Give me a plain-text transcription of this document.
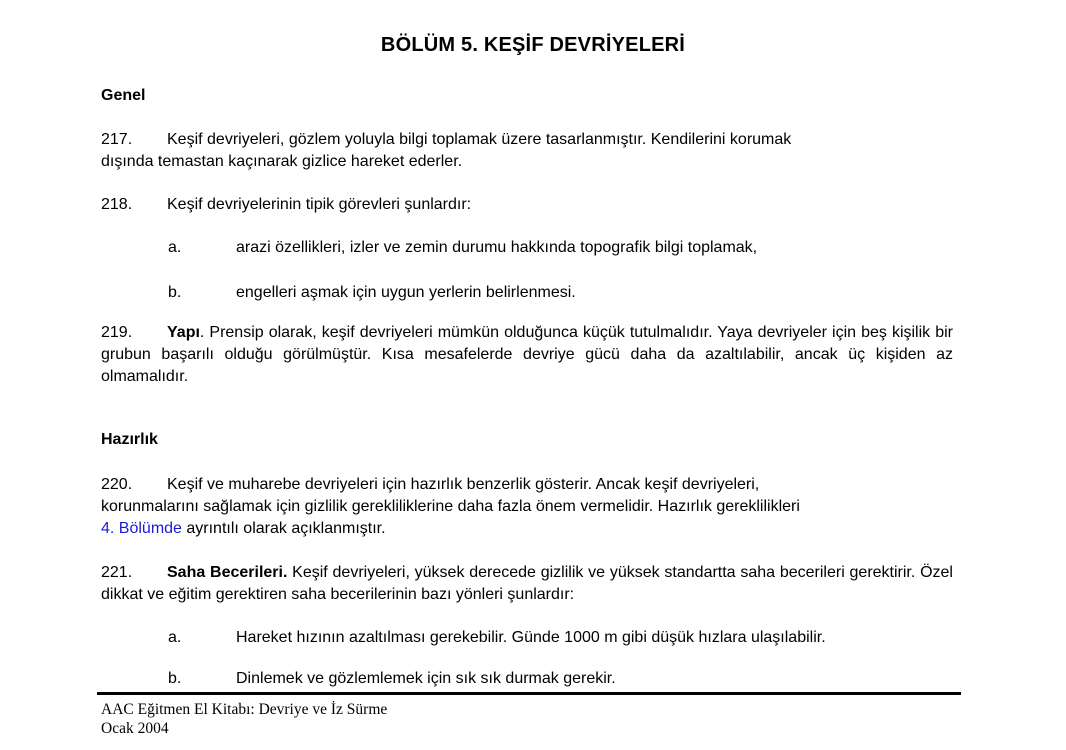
BÖLÜM 5. KEŞİF DEVRİYELERİ
Genel
217. Keşif devriyeleri, gözlem yoluyla bilgi toplamak üzere tasarlanmıştır. Kendilerini korumak
dışında temastan kaçınarak gizlice hareket ederler.
218. Keşif devriyelerinin tipik görevleri şunlardır:
a.	arazi özellikleri, izler ve zemin durumu hakkında topografik bilgi toplamak,
b.	engelleri aşmak için uygun yerlerin belirlenmesi.
219. Yapı. Prensip olarak, keşif devriyeleri mümkün olduğunca küçük tutulmalıdır. Yaya devriyeler için beş kişilik bir grubun başarılı olduğu görülmüştür. Kısa mesafelerde devriye gücü daha da azaltılabilir, ancak üç kişiden az olmamalıdır.
Hazırlık
220. Keşif ve muharebe devriyeleri için hazırlık benzerlik gösterir. Ancak keşif devriyeleri,
korunmalarını sağlamak için gizlilik gerekliliklerine daha fazla önem vermelidir. Hazırlık gereklilikleri
4. Bölümde ayrıntılı olarak açıklanmıştır.
221. Saha Becerileri. Keşif devriyeleri, yüksek derecede gizlilik ve yüksek standartta saha becerileri gerektirir. Özel dikkat ve eğitim gerektiren saha becerilerinin bazı yönleri şunlardır:
a.	Hareket hızının azaltılması gerekebilir. Günde 1000 m gibi düşük hızlara ulaşılabilir.
b.	Dinlemek ve gözlemlemek için sık sık durmak gerekir.
AAC Eğitmen El Kitabı: Devriye ve İz Sürme
Ocak 2004
